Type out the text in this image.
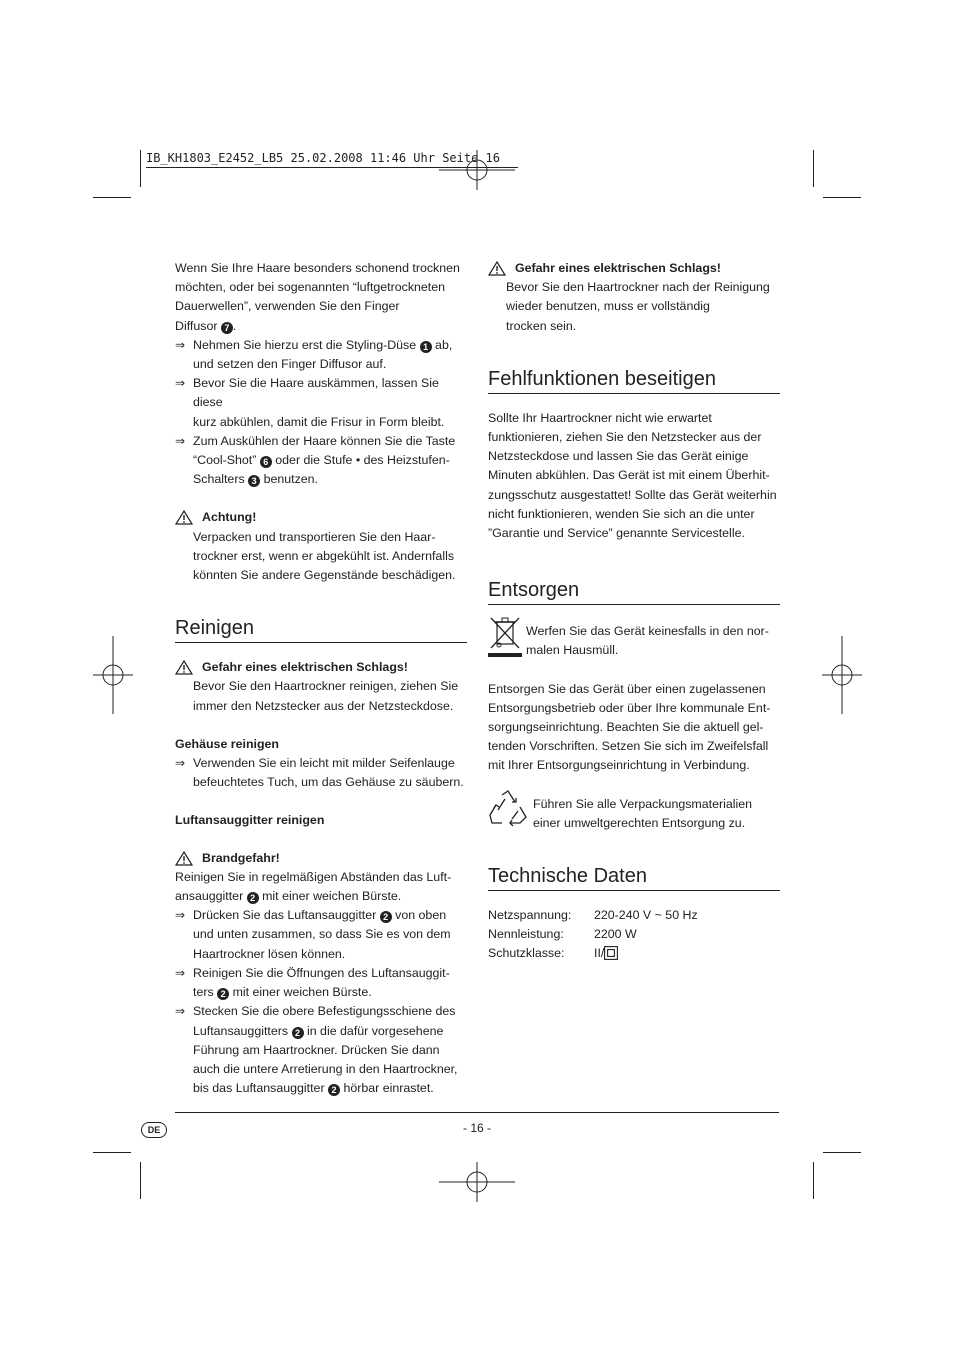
IB_KH1803_E2452_LB5 25.02.2008 11:46 Uhr Seite 16

Wenn Sie Ihre Haare besonders schonend trocknen

möchten, oder bei sogenannten “luftgetrockneten

Dauerwellen”, verwenden Sie den Finger

Diffusor 7 .

⇒ Nehmen Sie hierzu erst die Styling-Düse 1 ab,

und setzen den Finger Diffusor auf.

⇒ Bevor Sie die Haare auskämmen, lassen Sie diese

kurz abkühlen, damit die Frisur in Form bleibt.

⇒ Zum Auskühlen der Haare können Sie die Taste

“Cool-Shot” 6 oder die Stufe • des Heizstufen-

Schalters 3 benutzen.

Achtung!

Verpacken und transportieren Sie den Haar-

trockner erst, wenn er abgekühlt ist. Andernfalls

könnten Sie andere Gegenstände beschädigen.

Reinigen
Gefahr eines elektrischen Schlags!

Bevor Sie den Haartrockner reinigen, ziehen Sie

immer den Netzstecker aus der Netzsteckdose.

Gehäuse reinigen

⇒ Verwenden Sie ein leicht mit milder Seifenlauge

befeuchtetes Tuch, um das Gehäuse zu säubern.

Luftansauggitter reinigen

Brandgefahr!

Reinigen Sie in regelmäßigen Abständen das Luft-

ansauggitter 2 mit einer weichen Bürste.

⇒ Drücken Sie das Luftansauggitter 2 von oben

und unten zusammen, so dass Sie es von dem

Haartrockner lösen können.

⇒ Reinigen Sie die Öffnungen des Luftansauggit-

ters 2 mit einer weichen Bürste.

⇒ Stecken Sie die obere Befestigungsschiene des

Luftansauggitters 2 in die dafür vorgesehene

Führung am Haartrockner. Drücken Sie dann

auch die untere Arretierung in den Haartrockner,

bis das Luftansauggitter 2 hörbar einrastet.

Gefahr eines elektrischen Schlags!

Bevor Sie den Haartrockner nach der Reinigung

wieder benutzen, muss er vollständig

trocken sein.

Fehlfunktionen beseitigen

Sollte Ihr Haartrockner nicht wie erwartet

funktionieren, ziehen Sie den Netzstecker aus der

Netzsteckdose und lassen Sie das Gerät einige

Minuten abkühlen. Das Gerät ist mit einem Überhit-

zungsschutz ausgestattet! Sollte das Gerät weiterhin

nicht funktionieren, wenden Sie sich an die unter

”Garantie und Service” genannte Servicestelle.

Entsorgen

Werfen Sie das Gerät keinesfalls in den nor-

malen Hausmüll.

Entsorgen Sie das Gerät über einen zugelassenen

Entsorgungsbetrieb oder über Ihre kommunale Ent-

sorgungseinrichtung. Beachten Sie die aktuell gel-

tenden Vorschriften. Setzen Sie sich im Zweifelsfall

mit Ihrer Entsorgungseinrichtung in Verbindung.

Führen Sie alle Verpackungsmaterialien

einer umweltgerechten Entsorgung zu.

Technische Daten
Netzspannung:	220-240 V ~ 50 Hz
Nennleistung:	2200 W
Schutzklasse:	II/
DE	- 16 -
